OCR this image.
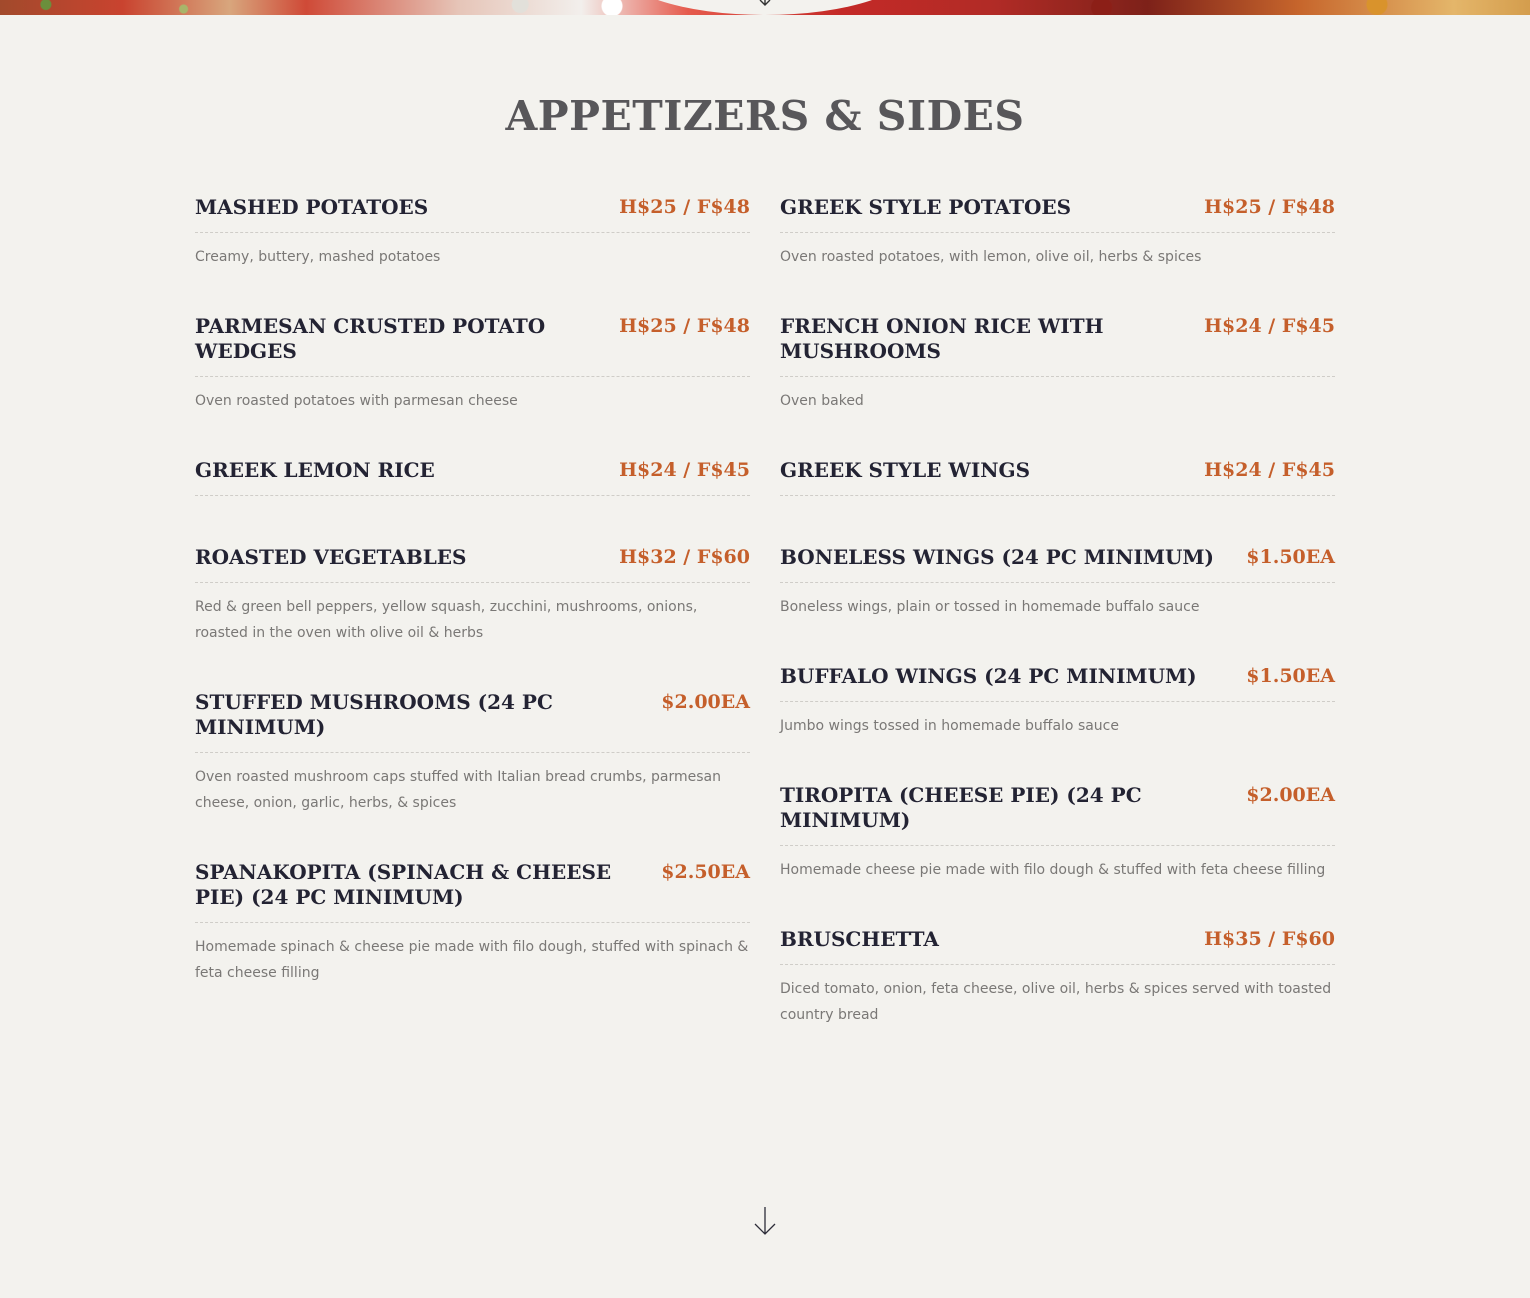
APPETIZERS & SIDES
MASHED POTATOES	H$25 / F$48
Creamy, buttery, mashed potatoes
PARMESAN CRUSTED POTATO WEDGES
H$25 / F$48
Oven roasted potatoes with parmesan cheese
GREEK LEMON RICE	H$24 / F$45
ROASTED VEGETABLES	H$32 / F$60
Red & green bell peppers, yellow squash, zucchini, mushrooms, onions, roasted in the oven with olive oil & herbs
STUFFED MUSHROOMS (24 PC MINIMUM)
$2.00EA
Oven roasted mushroom caps stuffed with Italian bread crumbs, parmesan cheese, onion, garlic, herbs, & spices
SPANAKOPITA (SPINACH & CHEESE PIE) (24 PC MINIMUM)
$2.50EA
Homemade spinach & cheese pie made with filo dough, stuffed with spinach & feta cheese filling
GREEK STYLE POTATOES	H$25 / F$48
Oven roasted potatoes, with lemon, olive oil, herbs & spices
FRENCH ONION RICE WITH MUSHROOMS
H$24 / F$45
Oven baked
GREEK STYLE WINGS	H$24 / F$45
BONELESS WINGS (24 PC MINIMUM) $1.50EA
Boneless wings, plain or tossed in homemade buffalo sauce
BUFFALO WINGS (24 PC MINIMUM)	$1.50EA
Jumbo wings tossed in homemade buffalo sauce
TIROPITA (CHEESE PIE) (24 PC MINIMUM)
$2.00EA
Homemade cheese pie made with filo dough & stuffed with feta cheese filling
BRUSCHETTA	H$35 / F$60
Diced tomato, onion, feta cheese, olive oil, herbs & spices served with toasted country bread
